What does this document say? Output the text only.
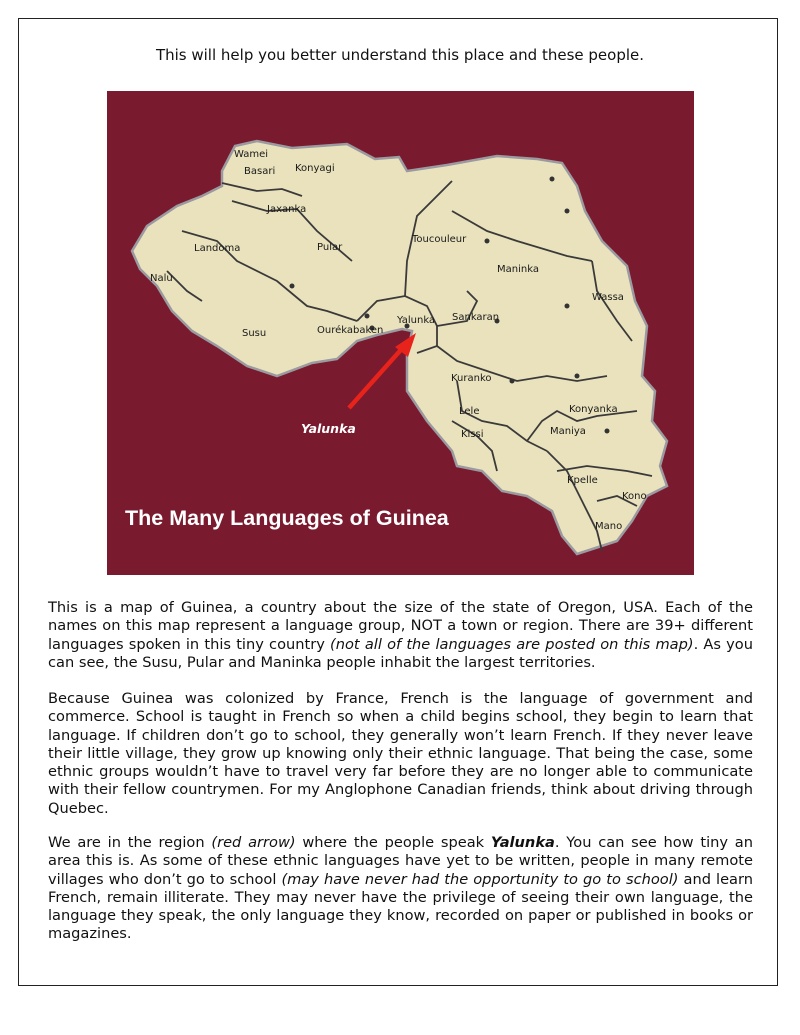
This will help you better understand this place and these people.
Wamei
Basari Konyagi
Jaxanka
Landoma	Pular
Toucouleur
Nalu
Maninka
Wassa
Ourékabaken
Yalunka Sankaran
Susu
Kuranko
Konyanka
Lele
Kissi	Maniya
Kpelle
Kono
Mano
Yalunka
The Many Languages of Guinea
This is a map of Guinea, a country about the size of the state of Oregon, USA. Each of the names on this map represent a language group, NOT a town or region. There are 39+ different languages spoken in this tiny country (not all of the languages are posted on this map). As you can see, the Susu, Pular and Maninka people inhabit the largest territories.
Because Guinea was colonized by France, French is the language of government and commerce. School is taught in French so when a child begins school, they begin to learn that language. If children don’t go to school, they generally won’t learn French. If they never leave their little village, they grow up knowing only their ethnic language. That being the case, some ethnic groups wouldn’t have to travel very far before they are no longer able to communicate with their fellow countrymen. For my Anglophone Canadian friends, think about driving through Quebec.
We are in the region (red arrow) where the people speak Yalunka. You can see how tiny an area this is. As some of these ethnic languages have yet to be written, people in many remote villages who don’t go to school (may have never had the opportunity to go to school) and learn French, remain illiterate. They may never have the privilege of seeing their own language, the language they speak, the only language they know, recorded on paper or published in books or magazines.
